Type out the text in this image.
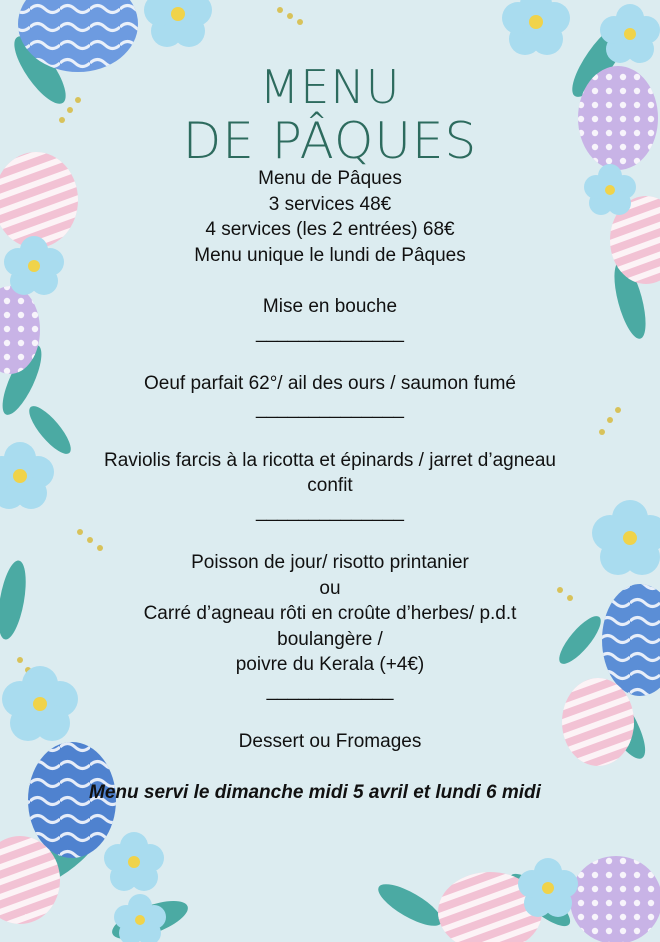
MENU
DE PÂQUES

Menu de Pâques

3 services 48€

4 services (les 2 entrées) 68€

Menu unique le lundi de Pâques

Mise en bouche

______________

Oeuf parfait 62°/ ail des ours / saumon fumé

______________

Raviolis farcis à la ricotta et épinards / jarret d’agneau

confit

______________

Poisson de jour/ risotto printanier

ou

Carré d’agneau rôti en croûte d’herbes/ p.d.t

boulangère /

poivre du Kerala (+4€)

____________

Dessert ou Fromages

Menu servi le dimanche midi 5 avril et lundi 6 midi
